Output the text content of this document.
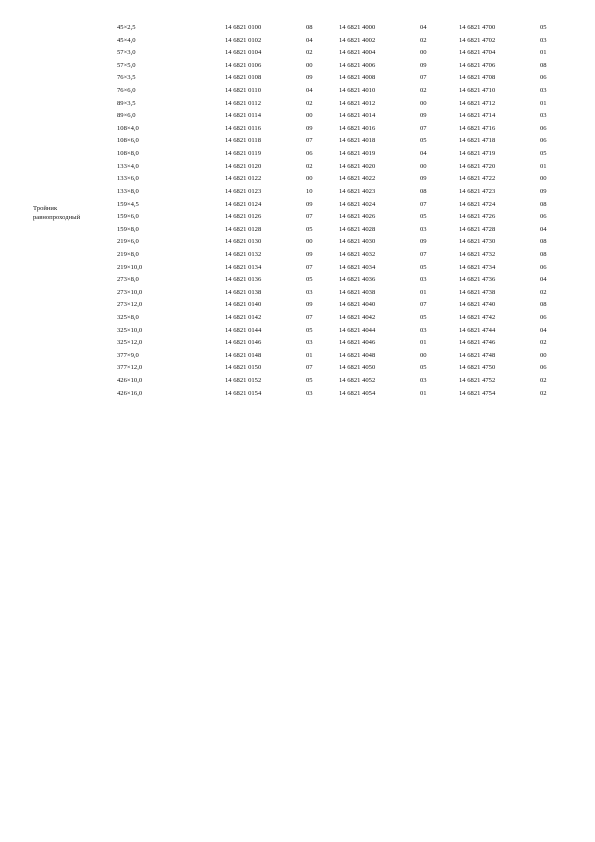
Тройник
равнопроходный
45×2,5	14 6821 0100	08	14 6821 4000	04	14 6821 4700	05
45×4,0	14 6821 0102	04	14 6821 4002	02	14 6821 4702	03
57×3,0	14 6821 0104	02	14 6821 4004	00	14 6821 4704	01
57×5,0	14 6821 0106	00	14 6821 4006	09	14 6821 4706	08
76×3,5	14 6821 0108	09	14 6821 4008	07	14 6821 4708	06
76×6,0	14 6821 0110	04	14 6821 4010	02	14 6821 4710	03
89×3,5	14 6821 0112	02	14 6821 4012	00	14 6821 4712	01
89×6,0	14 6821 0114	00	14 6821 4014	09	14 6821 4714	03
108×4,0	14 6821 0116	09	14 6821 4016	07	14 6821 4716	06
108×6,0	14 6821 0118	07	14 6821 4018	05	14 6821 4718	06
108×8,0	14 6821 0119	06	14 6821 4019	04	14 6821 4719	05
133×4,0	14 6821 0120	02	14 6821 4020	00	14 6821 4720	01
133×6,0	14 6821 0122	00	14 6821 4022	09	14 6821 4722	00
133×8,0	14 6821 0123	10	14 6821 4023	08	14 6821 4723	09
159×4,5	14 6821 0124	09	14 6821 4024	07	14 6821 4724	08
159×6,0	14 6821 0126	07	14 6821 4026	05	14 6821 4726	06
159×8,0	14 6821 0128	05	14 6821 4028	03	14 6821 4728	04
219×6,0	14 6821 0130	00	14 6821 4030	09	14 6821 4730	08
219×8,0	14 6821 0132	09	14 6821 4032	07	14 6821 4732	08
219×10,0	14 6821 0134	07	14 6821 4034	05	14 6821 4734	06
273×8,0	14 6821 0136	05	14 6821 4036	03	14 6821 4736	04
273×10,0	14 6821 0138	03	14 6821 4038	01	14 6821 4738	02
273×12,0	14 6821 0140	09	14 6821 4040	07	14 6821 4740	08
325×8,0	14 6821 0142	07	14 6821 4042	05	14 6821 4742	06
325×10,0	14 6821 0144	05	14 6821 4044	03	14 6821 4744	04
325×12,0	14 6821 0146	03	14 6821 4046	01	14 6821 4746	02
377×9,0	14 6821 0148	01	14 6821 4048	00	14 6821 4748	00
377×12,0	14 6821 0150	07	14 6821 4050	05	14 6821 4750	06
426×10,0	14 6821 0152	05	14 6821 4052	03	14 6821 4752	02
426×16,0	14 6821 0154	03	14 6821 4054	01	14 6821 4754	02
